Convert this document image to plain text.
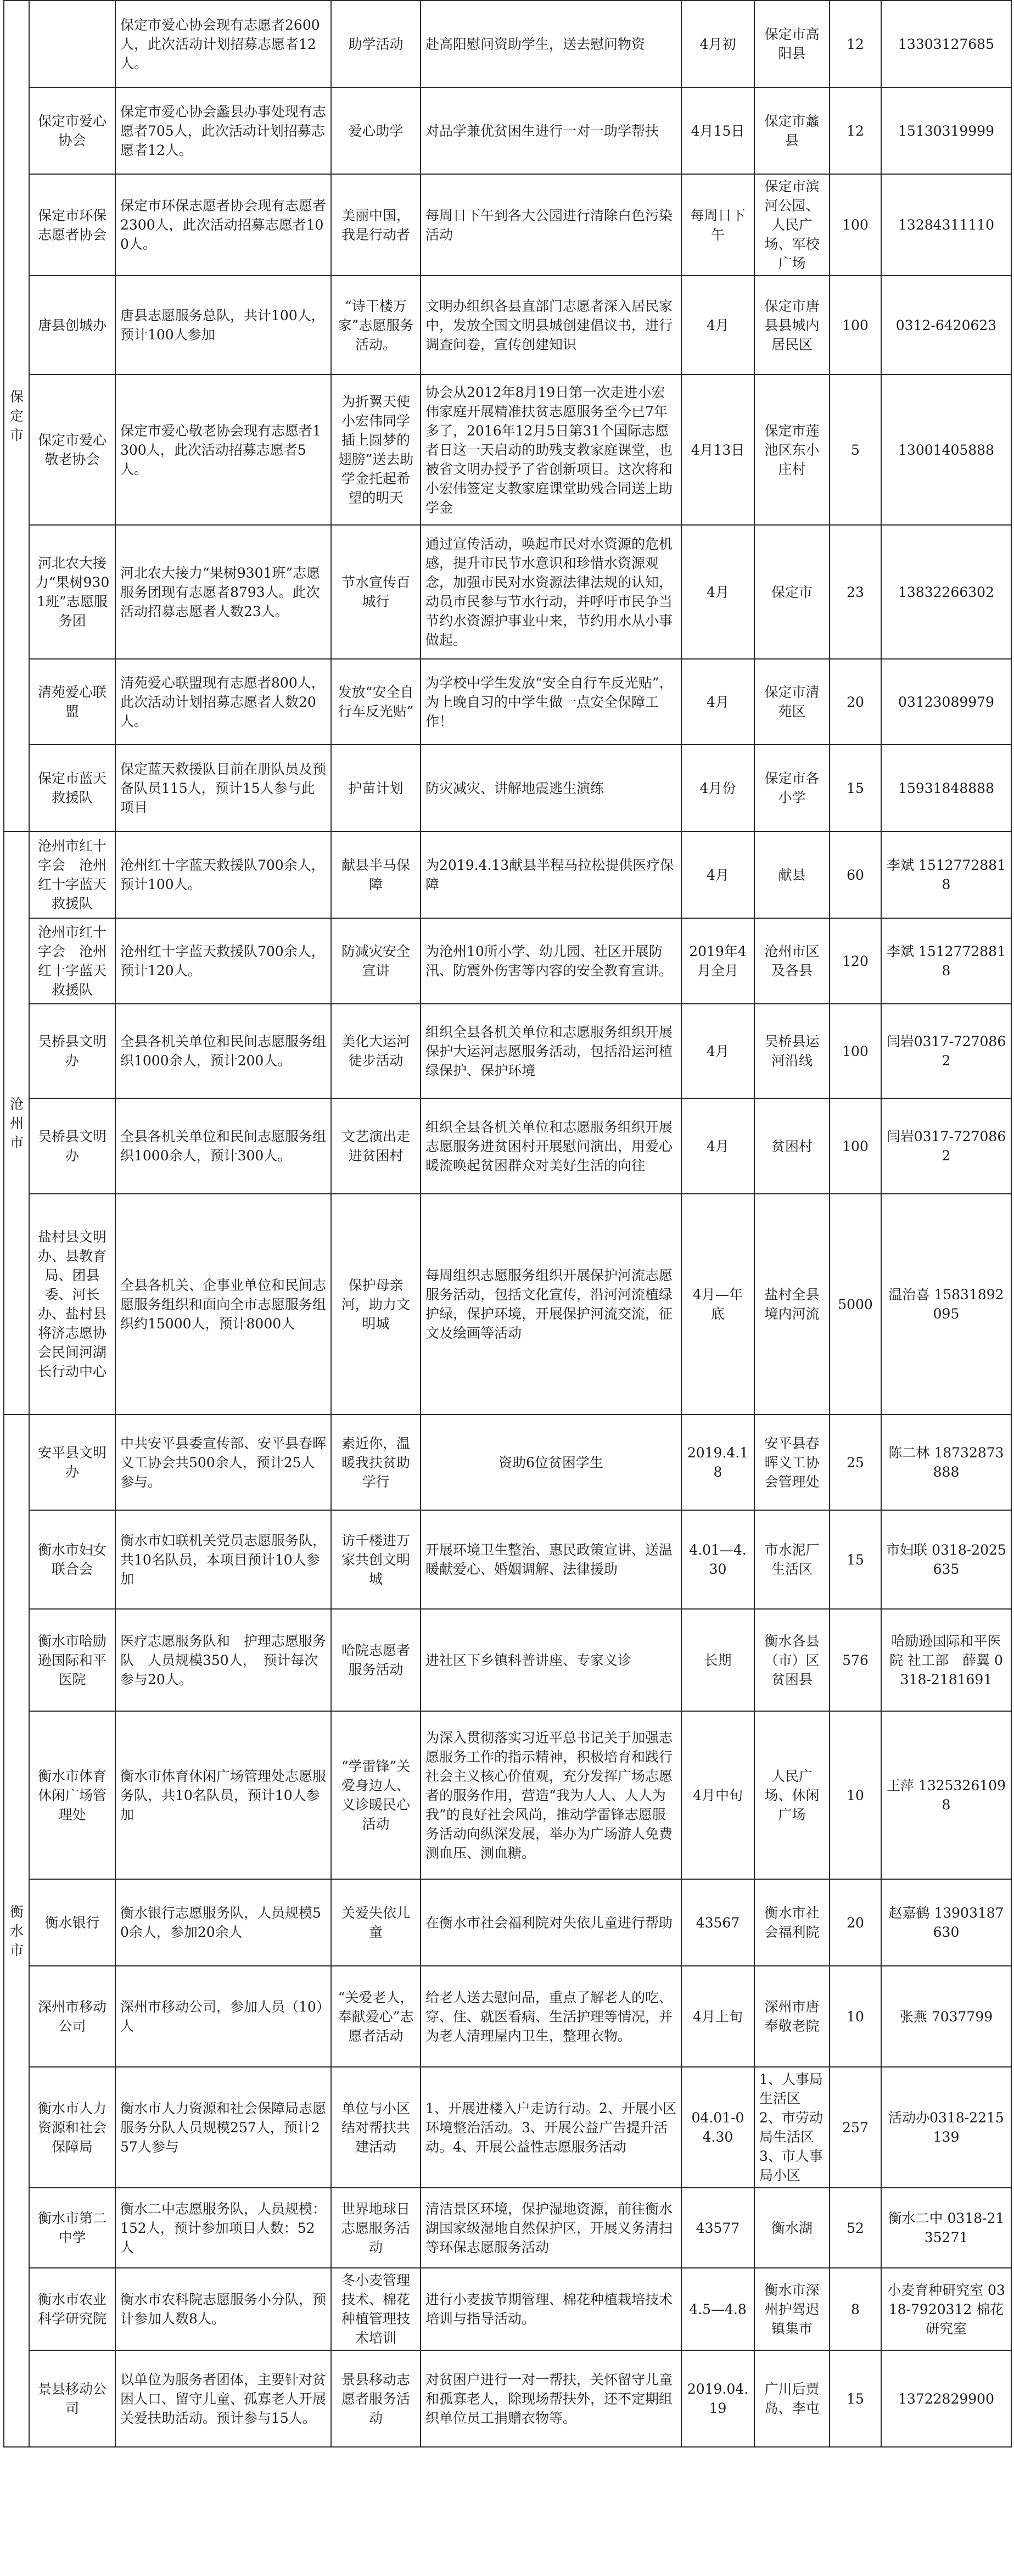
保定市		保定市爱心协会现有志愿者2600人，此次活动计划招募志愿者12人。	助学活动	赴高阳慰问资助学生，送去慰问物资	4月初	保定市高阳县	12	13303127685
	保定市爱心协会	保定市爱心协会蠡县办事处现有志愿者705人，此次活动计划招募志愿者12人。	爱心助学	对品学兼优贫困生进行一对一助学帮扶	4月15日	保定市蠡县	12	15130319999
	保定市环保志愿者协会	保定市环保志愿者协会现有志愿者2300人，此次活动招募志愿者100人。	美丽中国，我是行动者	每周日下午到各大公园进行清除白色污染活动	每周日下午	保定市滨河公园、人民广场、军校广场	100	13284311110
	唐县创城办	唐县志愿服务总队，共计100人，预计100人参加	“诗干楼万家”志愿服务活动。	文明办组织各县直部门志愿者深入居民家中，发放全国文明县城创建倡议书，进行调查问卷，宣传创建知识	4月	保定市唐县县城内居民区	100	0312-6420623
	保定市爱心敬老协会	保定市爱心敬老协会现有志愿者1300人，此次活动招募志愿者5人。	为折翼天使小宏伟同学插上圆梦的翅膀”送去助学金托起希望的明天	协会从2012年8月19日第一次走进小宏伟家庭开展精准扶贫志愿服务至今已7年多了，2016年12月5日第31个国际志愿者日这一天启动的助残支教家庭课堂，也被省文明办授予了省创新项目。这次将和小宏伟签定支教家庭课堂助残合同送上助学金	4月13日	保定市莲池区东小庄村	5	13001405888
	河北农大接力“果树9301班”志愿服务团	河北农大接力“果树9301班”志愿服务团现有志愿者8793人。此次活动招募志愿者人数23人。	节水宣传百城行	通过宣传活动，唤起市民对水资源的危机感，提升市民节水意识和珍惜水资源观念，加强市民对水资源法律法规的认知，动员市民参与节水行动，并呼吁市民争当节约水资源护事业中来，节约用水从小事做起。	4月	保定市	23	13832266302
	清苑爱心联盟	清苑爱心联盟现有志愿者800人，此次活动计划招募志愿者人数20人。	发放“安全自行车反光贴”	为学校中学生发放“安全自行车反光贴”，为上晚自习的中学生做一点安全保障工作！	4月	保定市清苑区	20	03123089979
	保定市蓝天救援队	保定蓝天救援队目前在册队员及预备队员115人，预计15人参与此项目	护苗计划	防灾减灾、讲解地震逃生演练	4月份	保定市各小学	15	15931848888
沧州市	沧州市红十字会　沧州红十字蓝天救援队	沧州红十字蓝天救援队700余人，预计100人。	献县半马保障	为2019.4.13献县半程马拉松提供医疗保障	4月	献县	60	李斌 15127728818
	沧州市红十字会　沧州红十字蓝天救援队	沧州红十字蓝天救援队700余人，预计120人。	防减灾安全宣讲	为沧州10所小学、幼儿园、社区开展防汛、防震外伤害等内容的安全教育宣讲。	2019年4月全月	沧州市区及各县	120	李斌 15127728818
	吴桥县文明办	全县各机关单位和民间志愿服务组织1000余人，预计200人。	美化大运河徒步活动	组织全县各机关单位和志愿服务组织开展保护大运河志愿服务活动，包括沿运河植绿保护、保护环境	4月	吴桥县运河沿线	100	闫岩0317-7270862
	吴桥县文明办	全县各机关单位和民间志愿服务组织1000余人，预计300人。	文艺演出走进贫困村	组织全县各机关单位和志愿服务组织开展志愿服务进贫困村开展慰问演出，用爱心暖流唤起贫困群众对美好生活的向往	4月	贫困村	100	闫岩0317-7270862
	盐村县文明办、县教育局、团县委、河长办、盐村县将济志愿协会民间河湖长行动中心	全县各机关、企事业单位和民间志愿服务组织和面向全市志愿服务组织约15000人，预计8000人	保护母亲河，助力文明城	每周组织志愿服务组织开展保护河流志愿服务活动，包括文化宣传，沿河河流植绿护绿，保护环境，开展保护河流交流，征文及绘画等活动	4月—年底	盐村全县境内河流	5000	温治喜 15831892095
衡水市	安平县文明办	中共安平县委宣传部、安平县春晖义工协会共500余人，预计25人参与。	素近你，温暖我扶贫助学行	资助6位贫困学生	2019.4.18	安平县春晖义工协会管理处	25	陈二林 18732873888
	衡水市妇女联合会	衡水市妇联机关党员志愿服务队，共10名队员，本项目预计10人参加	访千楼进万家共创文明城	开展环境卫生整治、惠民政策宣讲、送温暖献爱心、婚姻调解、法律援助	4.01—4.30	市水泥厂生活区	15	市妇联 0318-2025635
	衡水市哈励逊国际和平医院	医疗志愿服务队和　护理志愿服务队　人员规模350人，　预计每次参与20人。	哈院志愿者服务活动	进社区下乡镇科普讲座、专家义诊	长期	衡水各县（市）区贫困县	576	哈励逊国际和平医院 社工部　薛翼 0318-2181691
	衡水市体育休闲广场管理处	衡水市体育休闲广场管理处志愿服务队，共10名队员，预计10人参加	“学雷锋”关爱身边人、义诊暖民心活动	为深入贯彻落实习近平总书记关于加强志愿服务工作的指示精神，积极培育和践行社会主义核心价值观，充分发挥广场志愿者的服务作用，营造“我为人人、人人为我”的良好社会风尚，推动学雷锋志愿服务活动向纵深发展，举办为广场游人免费测血压、测血糖。	4月中旬	人民广场、休闲广场	10	王萍 13253261098
	衡水银行	衡水银行志愿服务队，人员规模50余人，参加20余人	关爱失依儿童	在衡水市社会福利院对失依儿童进行帮助	43567	衡水市社会福利院	20	赵嘉鹤 13903187630
	深州市移动公司	深州市移动公司，参加人员（10）人	“关爱老人，奉献爱心”志愿者活动	给老人送去慰问品，重点了解老人的吃、穿、住、就医看病、生活护理等情况，并为老人清理屋内卫生，整理衣物。	4月上旬	深州市唐奉敬老院	10	张燕 7037799
	衡水市人力资源和社会保障局	衡水市人力资源和社会保障局志愿服务分队人员规模257人，预计257人参与	单位与小区结对帮扶共建活动	1、开展进楼入户走访行动。2、开展小区环境整治活动。3、开展公益广告提升活动。4、开展公益性志愿服务活动	04.01-04.30	1、人事局生活区 2、市劳动局生活区 3、市人事局小区	257	活动办0318-2215139
	衡水市第二中学	衡水二中志愿服务队，人员规模：152人，预计参加项目人数：52人	世界地球日志愿服务活动	清洁景区环境，保护湿地资源，前往衡水湖国家级湿地自然保护区，开展义务清扫等环保志愿服务活动	43577	衡水湖	52	衡水二中 0318-2135271
	衡水市农业科学研究院	衡水市农科院志愿服务小分队，预计参加人数8人。	冬小麦管理技术、棉花种植管理技术培训	进行小麦拔节期管理、棉花种植栽培技术培训与指导活动。	4.5—4.8	衡水市深州护驾迟镇集市	8	小麦育种研究室 0318-7920312 棉花研究室
	景县移动公司	以单位为服务者团体，主要针对贫困人口、留守儿童、孤寡老人开展关爱扶助活动。预计参与15人。	景县移动志愿者服务活动	对贫困户进行一对一帮扶，关怀留守儿童和孤寡老人，除现场帮扶外，还不定期组织单位员工捐赠衣物等。	2019.04.19	广川后贾岛、李屯	15	13722829900
